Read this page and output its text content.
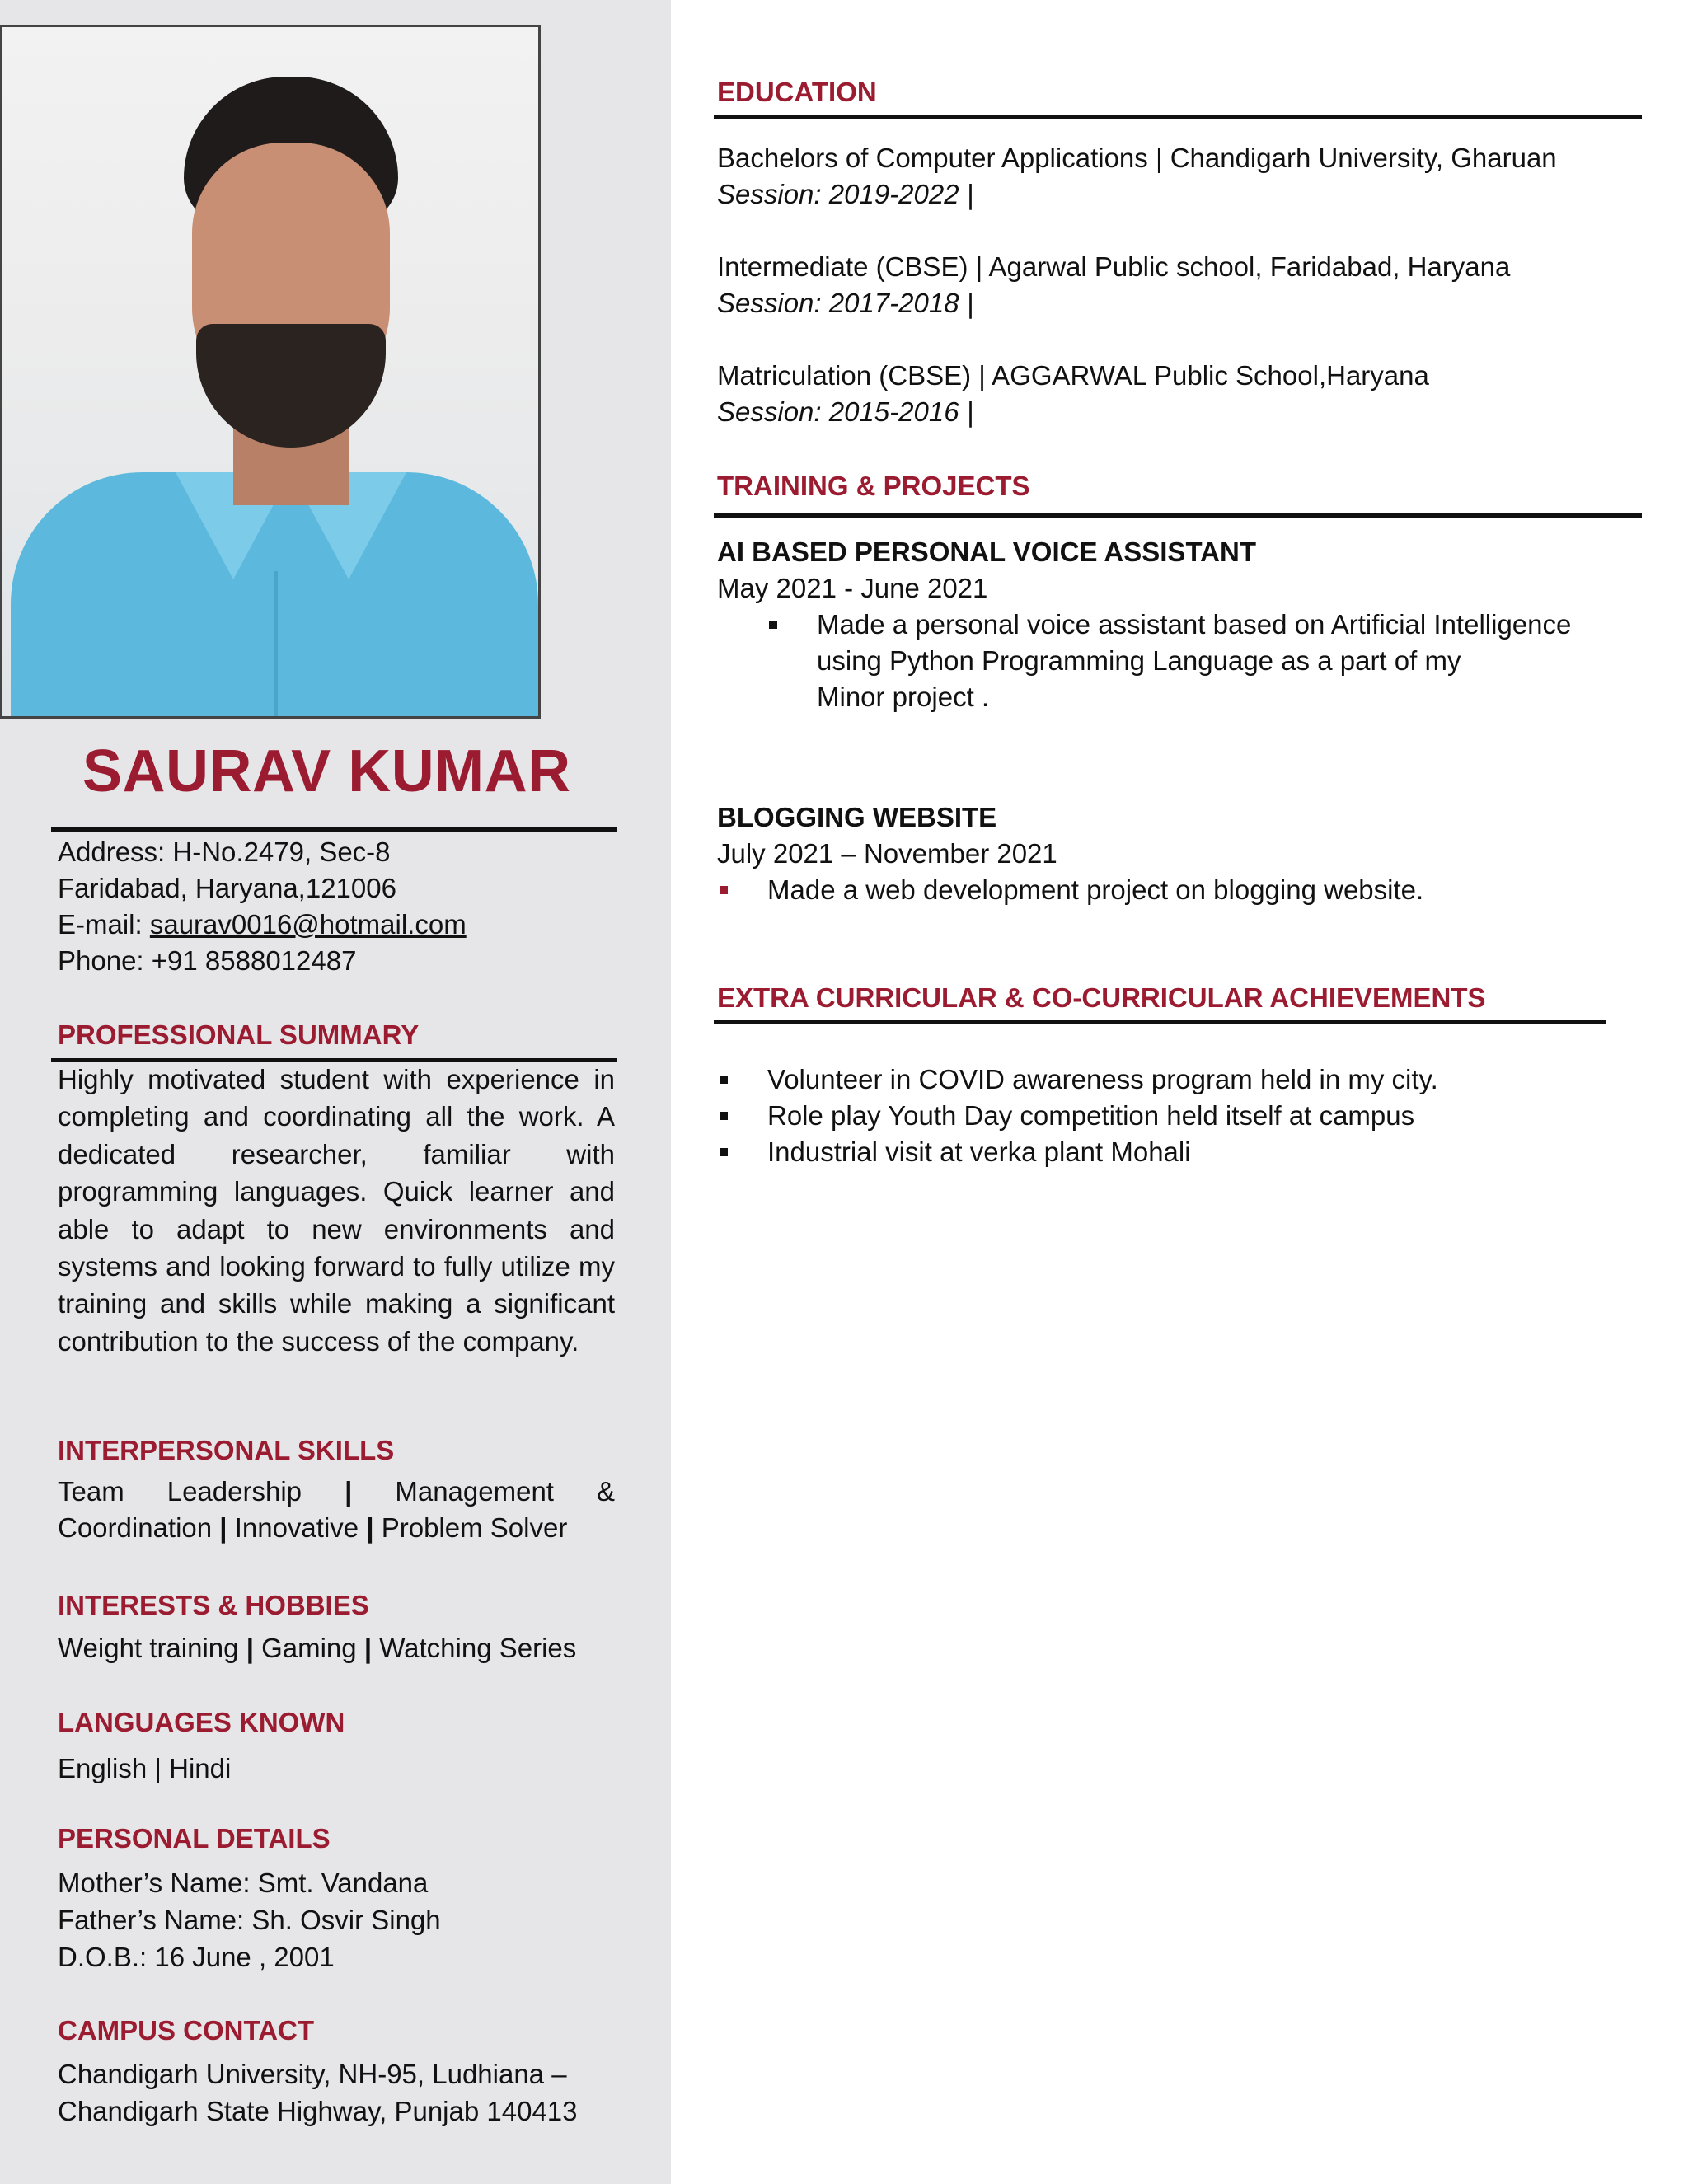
SAURAV KUMAR
Address: H-No.2479, Sec-8
Faridabad, Haryana,121006
E-mail: saurav0016@hotmail.com
Phone: +91 8588012487
PROFESSIONAL SUMMARY
Highly motivated student with experience in completing and coordinating all the work. A dedicated researcher, familiar with programming languages. Quick learner and able to adapt to new environments and systems and looking forward to fully utilize my training and skills while making a significant contribution to the success of the company.
INTERPERSONAL SKILLS
Team Leadership | Management & Coordination | Innovative | Problem Solver
INTERESTS & HOBBIES
Weight training | Gaming | Watching Series
LANGUAGES KNOWN
English | Hindi
PERSONAL DETAILS
Mother’s Name: Smt. Vandana
Father’s Name: Sh. Osvir Singh
D.O.B.: 16 June , 2001
CAMPUS CONTACT
Chandigarh University, NH-95, Ludhiana –
Chandigarh State Highway, Punjab 140413
EDUCATION
Bachelors of Computer Applications | Chandigarh University, Gharuan
Session: 2019-2022 |
Intermediate (CBSE) | Agarwal Public school, Faridabad, Haryana
Session: 2017-2018 |
Matriculation (CBSE) | AGGARWAL Public School,Haryana
Session: 2015-2016 |
TRAINING & PROJECTS
AI BASED PERSONAL VOICE ASSISTANT
May 2021 - June 2021
Made a personal voice assistant based on Artificial Intelligence
using Python Programming Language as a part of my
Minor project .
BLOGGING WEBSITE
July 2021 – November 2021
Made a web development project on blogging website.
EXTRA CURRICULAR & CO-CURRICULAR ACHIEVEMENTS
Volunteer in COVID awareness program held in my city.
Role play Youth Day competition held itself at campus
Industrial visit at verka plant Mohali
